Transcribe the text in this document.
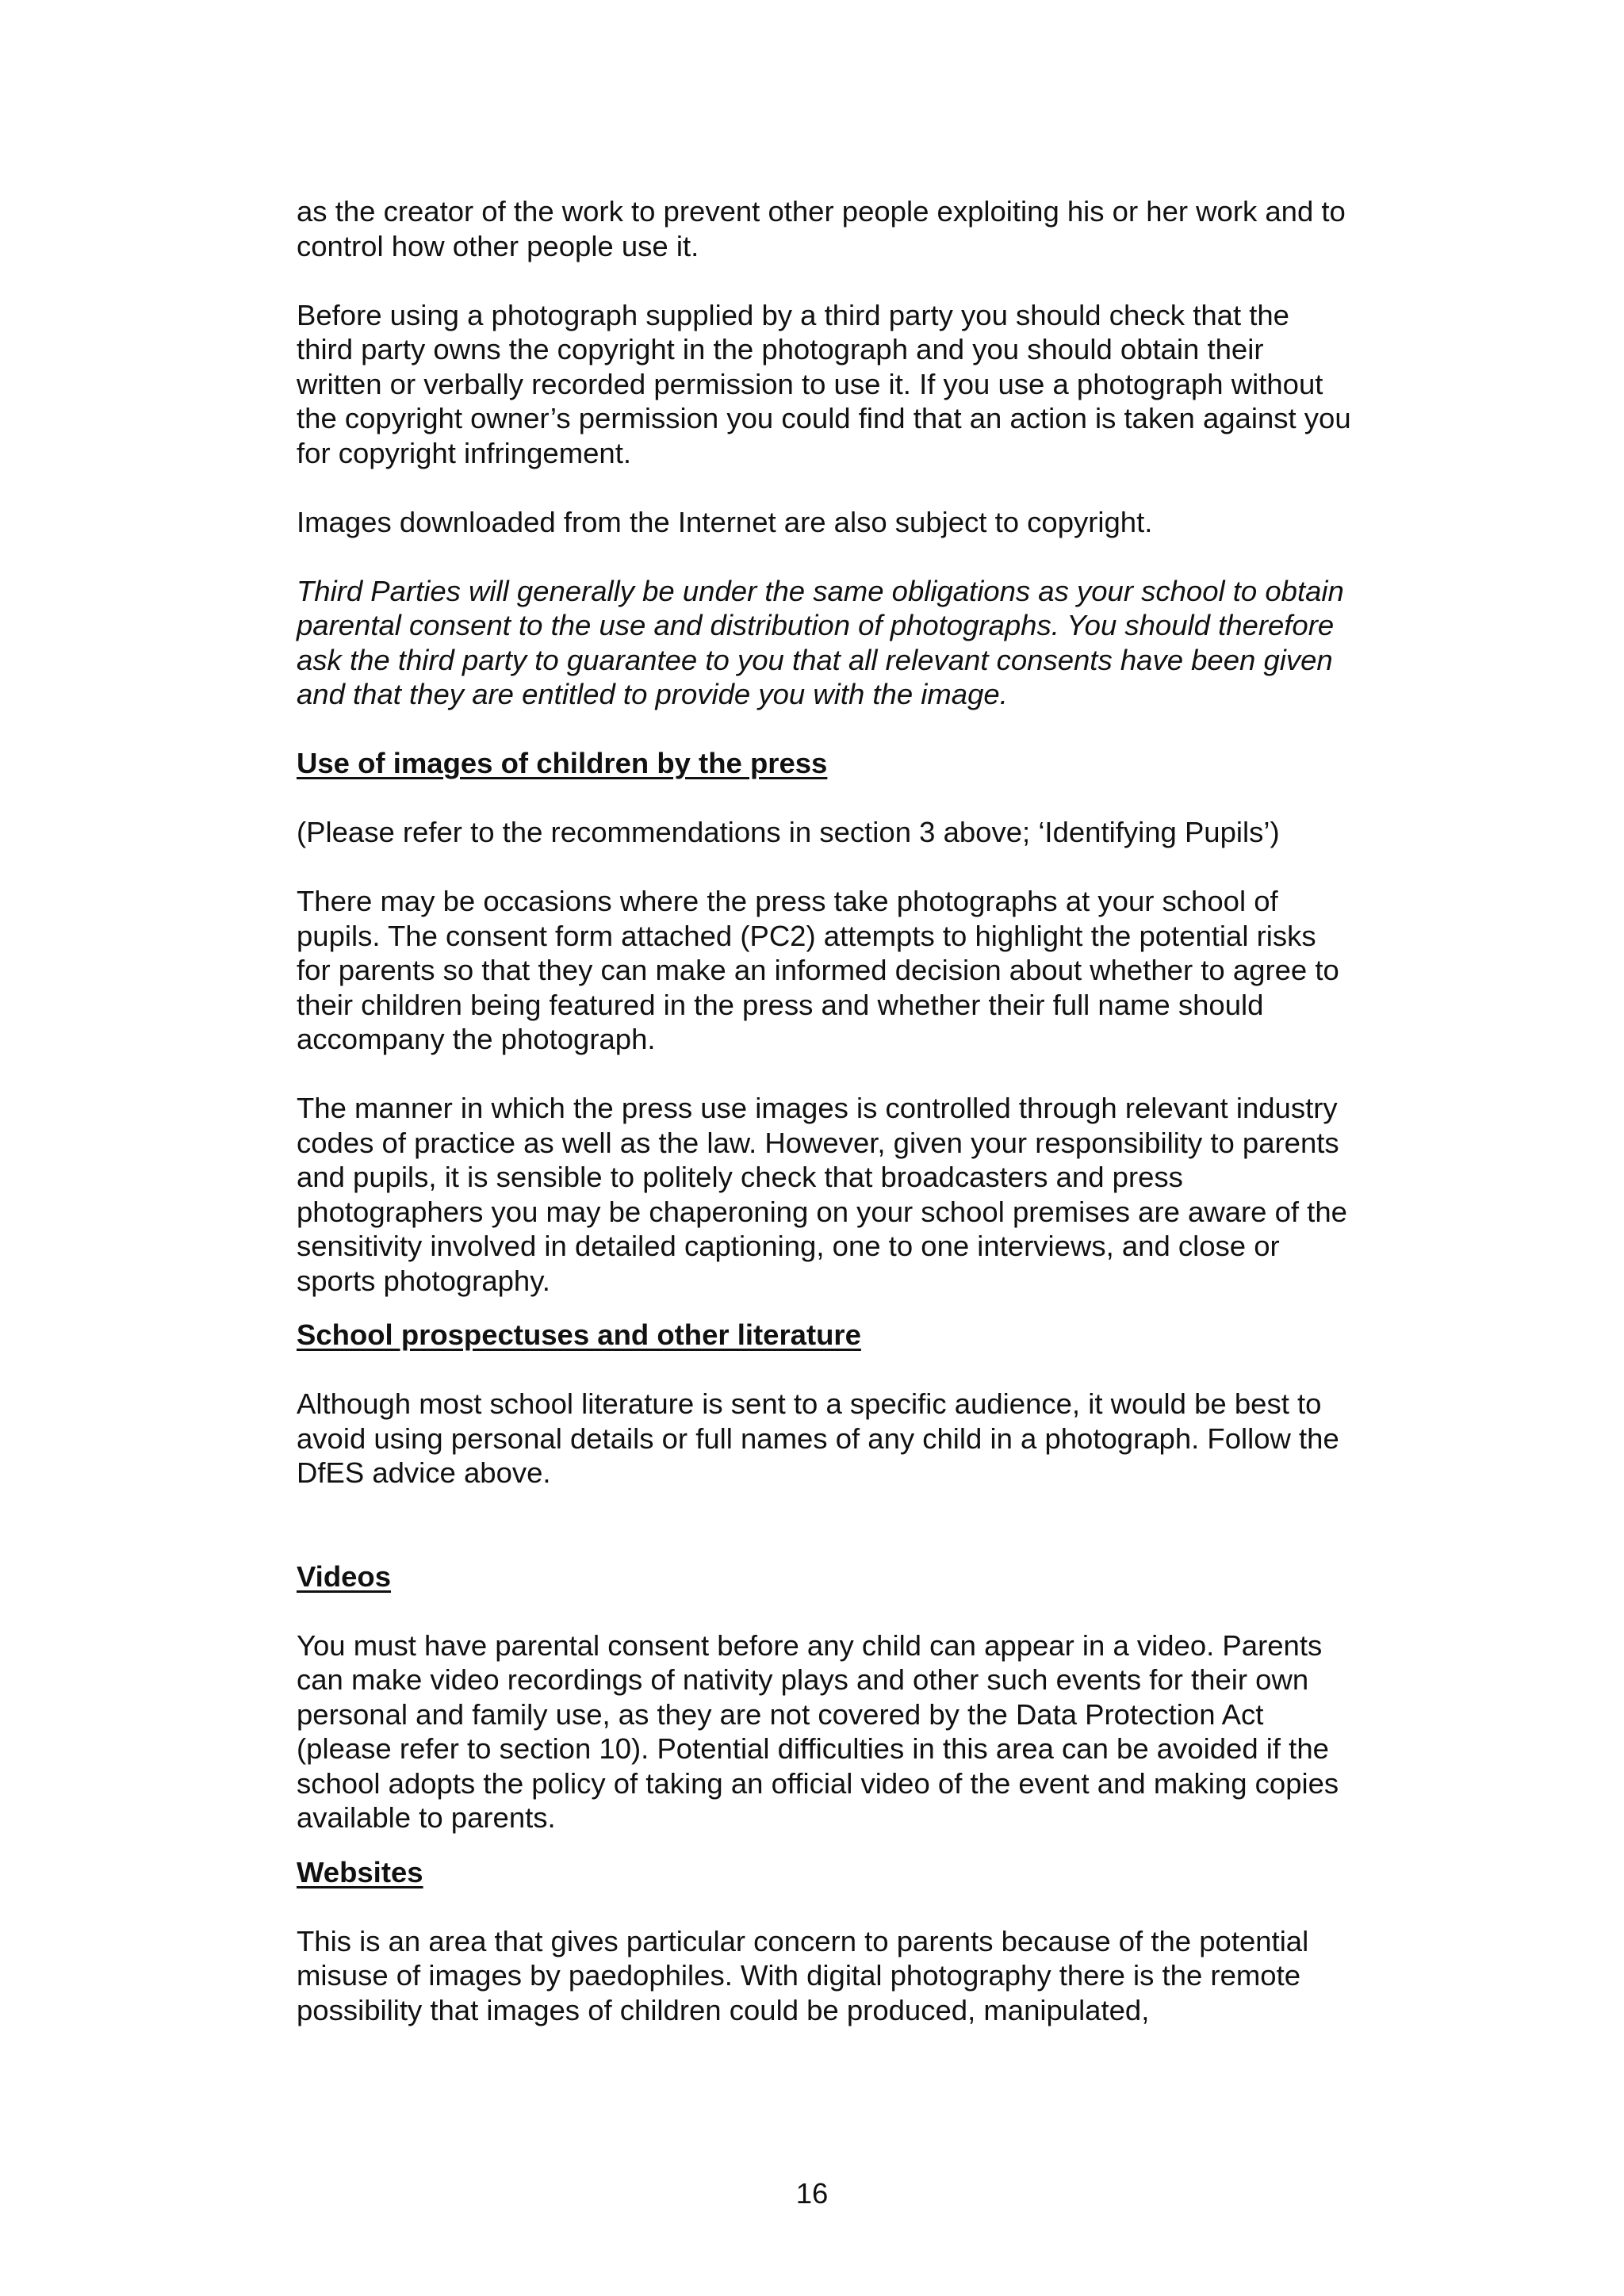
as the creator of the work to prevent other people exploiting his or her work and to control how other people use it.

Before using a photograph supplied by a third party you should check that the third party owns the copyright in the photograph and you should obtain their written or verbally recorded permission to use it. If you use a photograph without the copyright owner’s permission you could find that an action is taken against you for copyright infringement.

Images downloaded from the Internet are also subject to copyright.

Third Parties will generally be under the same obligations as your school to obtain parental consent to the use and distribution of photographs. You should therefore ask the third party to guarantee to you that all relevant consents have been given and that they are entitled to provide you with the image.

Use of images of children by the press

(Please refer to the recommendations in section 3 above; ‘Identifying Pupils’)

There may be occasions where the press take photographs at your school of pupils. The consent form attached (PC2) attempts to highlight the potential risks for parents so that they can make an informed decision about whether to agree to their children being featured in the press and whether their full name should accompany the photograph.

The manner in which the press use images is controlled through relevant industry codes of practice as well as the law. However, given your responsibility to parents and pupils, it is sensible to politely check that broadcasters and press photographers you may be chaperoning on your school premises are aware of the sensitivity involved in detailed captioning, one to one interviews, and close or sports photography.

School prospectuses and other literature

Although most school literature is sent to a specific audience, it would be best to avoid using personal details or full names of any child in a photograph. Follow the DfES advice above.

Videos

You must have parental consent before any child can appear in a video. Parents can make video recordings of nativity plays and other such events for their own personal and family use, as they are not covered by the Data Protection Act (please refer to section 10). Potential difficulties in this area can be avoided if the school adopts the policy of taking an official video of the event and making copies available to parents.

Websites

This is an area that gives particular concern to parents because of the potential misuse of images by paedophiles. With digital photography there is the remote possibility that images of children could be produced, manipulated,

16
